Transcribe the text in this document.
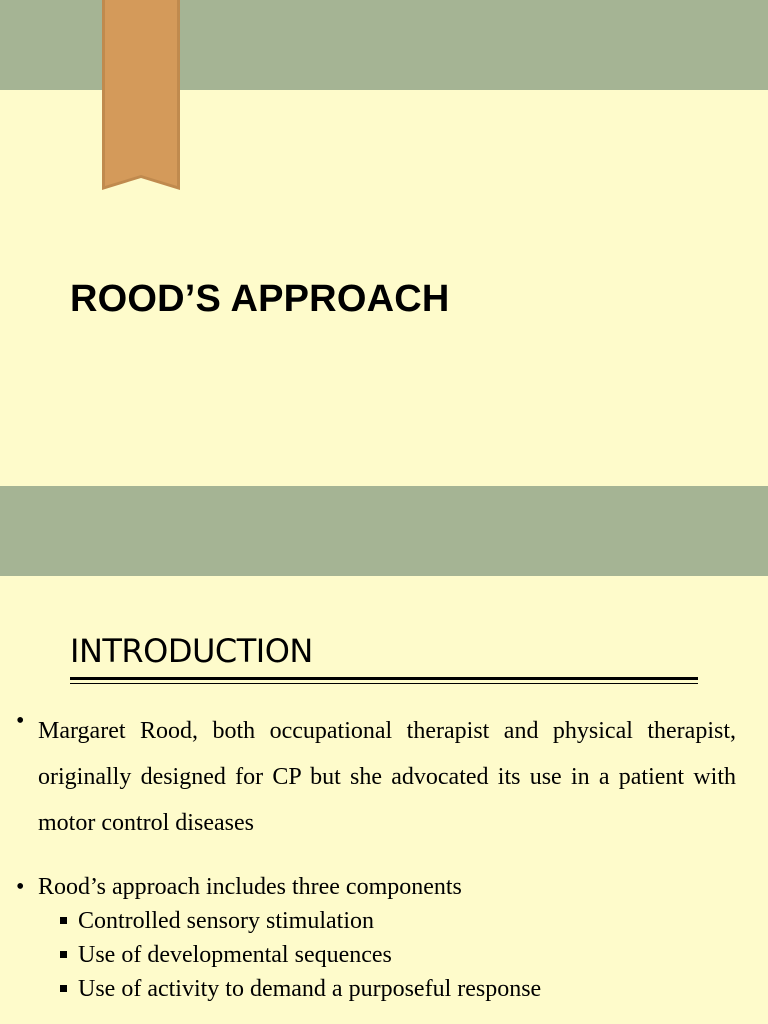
ROOD’S APPROACH
INTRODUCTION

• Margaret Rood, both occupational therapist and physical therapist, originally designed for CP but she advocated its use in a patient with motor control diseases

• Rood’s approach includes three components

Controlled sensory stimulation
Use of developmental sequences
Use of activity to demand a purposeful response
